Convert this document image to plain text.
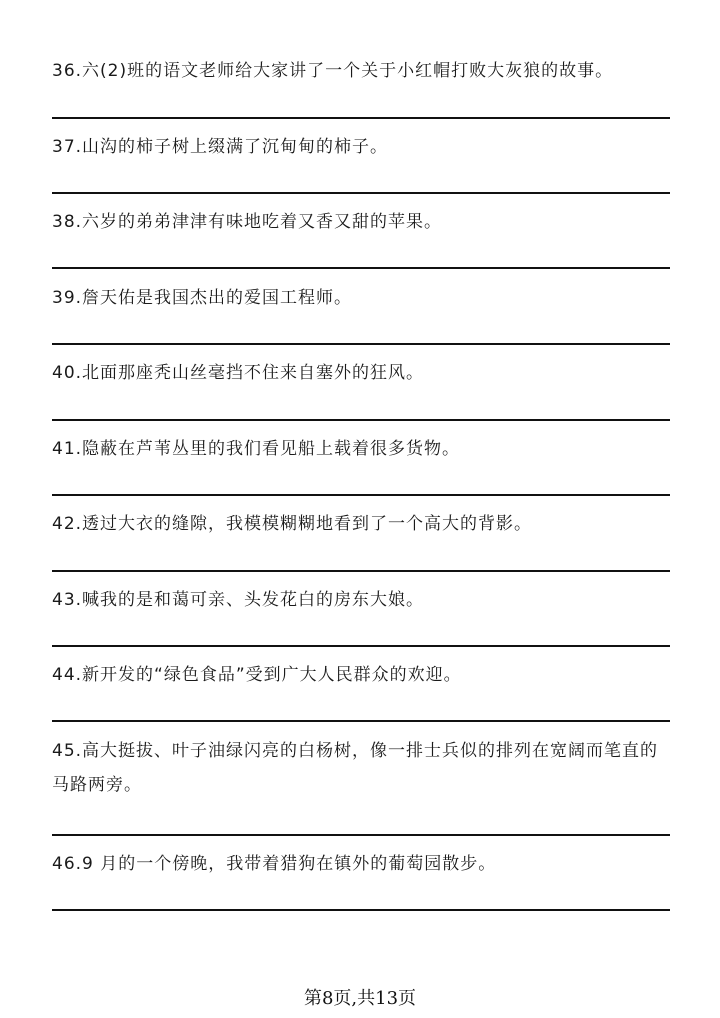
36.六(2)班的语文老师给大家讲了一个关于小红帽打败大灰狼的故事。
37.山沟的柿子树上缀满了沉甸甸的柿子。
38.六岁的弟弟津津有味地吃着又香又甜的苹果。
39.詹天佑是我国杰出的爱国工程师。
40.北面那座秃山丝毫挡不住来自塞外的狂风。
41.隐蔽在芦苇丛里的我们看见船上载着很多货物。
42.透过大衣的缝隙，我模模糊糊地看到了一个高大的背影。
43.喊我的是和蔼可亲、头发花白的房东大娘。
44.新开发的“绿色食品”受到广大人民群众的欢迎。
45.高大挺拔、叶子油绿闪亮的白杨树，像一排士兵似的排列在宽阔而笔直的马路两旁。
46.9 月的一个傍晚，我带着猎狗在镇外的葡萄园散步。
第8页,共13页
